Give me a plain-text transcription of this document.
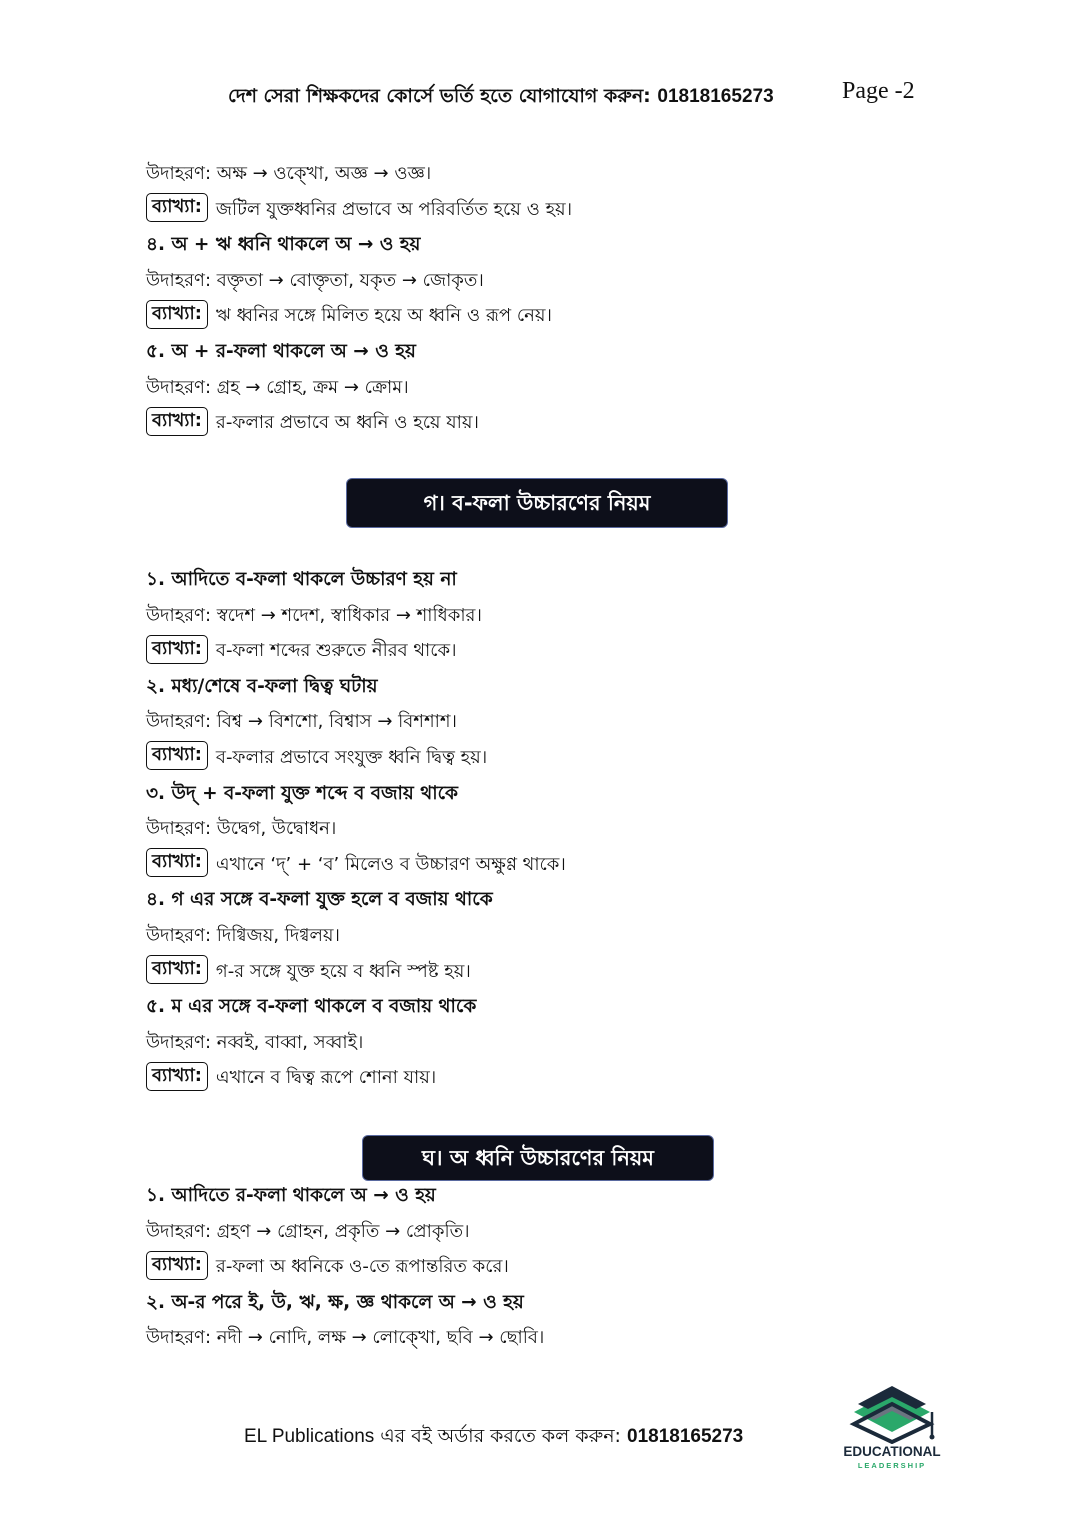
দেশ সেরা শিক্ষকদের কোর্সে ভর্তি হতে যোগাযোগ করুন: 01818165273	Page -2
উদাহরণ: অক্ষ → ওক্খো, অজ্ঞ → ওজ্ঞ।
ব্যাখ্যা: জটিল যুক্তধ্বনির প্রভাবে অ পরিবর্তিত হয়ে ও হয়।
৪. অ + ঋ ধ্বনি থাকলে অ → ও হয়
উদাহরণ: বক্তৃতা → বোক্তৃতা, যকৃত → জোকৃত।
ব্যাখ্যা: ঋ ধ্বনির সঙ্গে মিলিত হয়ে অ ধ্বনি ও রূপ নেয়।
৫. অ + র-ফলা থাকলে অ → ও হয়
উদাহরণ: গ্রহ → গ্রোহ, ক্রম → ক্রোম।
ব্যাখ্যা: র-ফলার প্রভাবে অ ধ্বনি ও হয়ে যায়।
গ। ব-ফলা উচ্চারণের নিয়ম
১. আদিতে ব-ফলা থাকলে উচ্চারণ হয় না
উদাহরণ: স্বদেশ → শদেশ, স্বাধিকার → শাধিকার।
ব্যাখ্যা: ব-ফলা শব্দের শুরুতে নীরব থাকে।
২. মধ্য/শেষে ব-ফলা দ্বিত্ব ঘটায়
উদাহরণ: বিশ্ব → বিশশো, বিশ্বাস → বিশশাশ।
ব্যাখ্যা: ব-ফলার প্রভাবে সংযুক্ত ধ্বনি দ্বিত্ব হয়।
৩. উদ্ + ব-ফলা যুক্ত শব্দে ব বজায় থাকে
উদাহরণ: উদ্বেগ, উদ্বোধন।
ব্যাখ্যা: এখানে ‘দ্’ + ‘ব’ মিলেও ব উচ্চারণ অক্ষুণ্ণ থাকে।
৪. গ এর সঙ্গে ব-ফলা যুক্ত হলে ব বজায় থাকে
উদাহরণ: দিগ্বিজয়, দিগ্বলয়।
ব্যাখ্যা: গ-র সঙ্গে যুক্ত হয়ে ব ধ্বনি স্পষ্ট হয়।
৫. ম এর সঙ্গে ব-ফলা থাকলে ব বজায় থাকে
উদাহরণ: নব্বই, বাব্বা, সব্বাই।
ব্যাখ্যা: এখানে ব দ্বিত্ব রূপে শোনা যায়।
ঘ। অ ধ্বনি উচ্চারণের নিয়ম
১. আদিতে র-ফলা থাকলে অ → ও হয়
উদাহরণ: গ্রহণ → গ্রোহন, প্রকৃতি → প্রোকৃতি।
ব্যাখ্যা: র-ফলা অ ধ্বনিকে ও-তে রূপান্তরিত করে।
২. অ-র পরে ই, উ, ঋ, ক্ষ, জ্ঞ থাকলে অ → ও হয়
উদাহরণ: নদী → নোদি, লক্ষ → লোক্খো, ছবি → ছোবি।
EL Publications এর বই অর্ডার করতে কল করুন: 01818165273
EDUCATIONAL
LEADERSHIP
